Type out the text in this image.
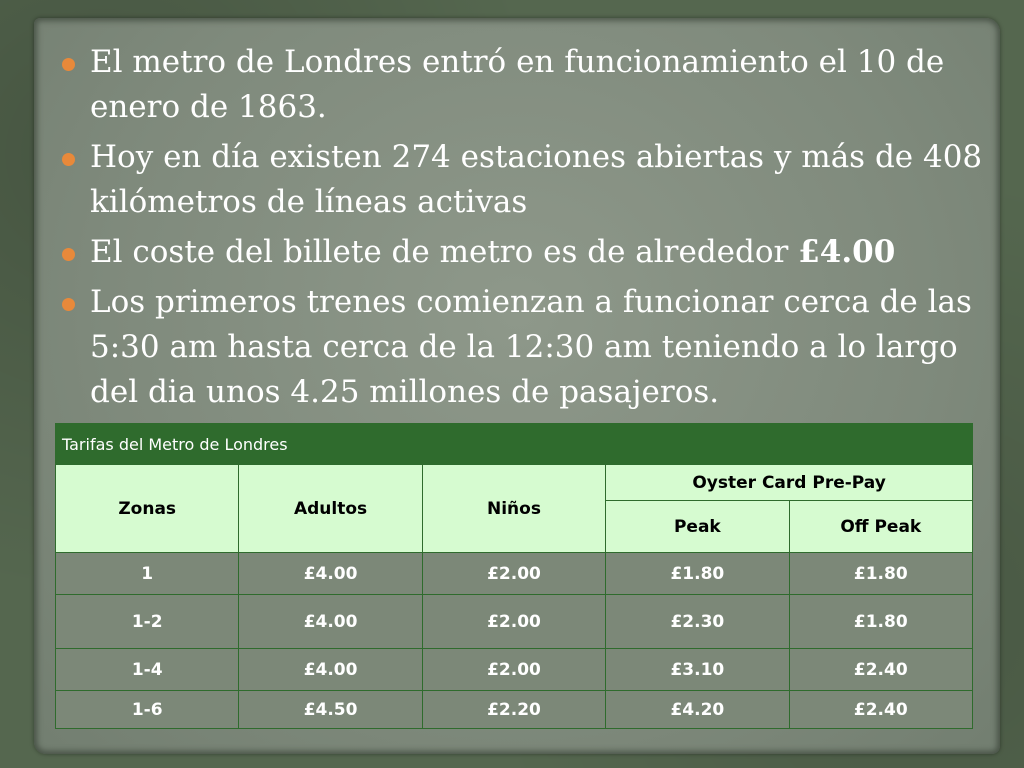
El metro de Londres entró en funcionamiento el 10 de enero de 1863.
Hoy en día existen 274 estaciones abiertas y más de 408 kilómetros de líneas activas
El coste del billete de metro es de alrededor £4.00
Los primeros trenes comienzan a funcionar cerca de las 5:30 am hasta cerca de la 12:30 am teniendo a lo largo del dia unos 4.25 millones de pasajeros.
Tarifas del Metro de Londres				
Zonas	Adultos	Niños	Oyster Card Pre-Pay	
			Peak	Off Peak
1	£4.00	£2.00	£1.80	£1.80
1-2	£4.00	£2.00	£2.30	£1.80
1-4	£4.00	£2.00	£3.10	£2.40
1-6	£4.50	£2.20	£4.20	£2.40
